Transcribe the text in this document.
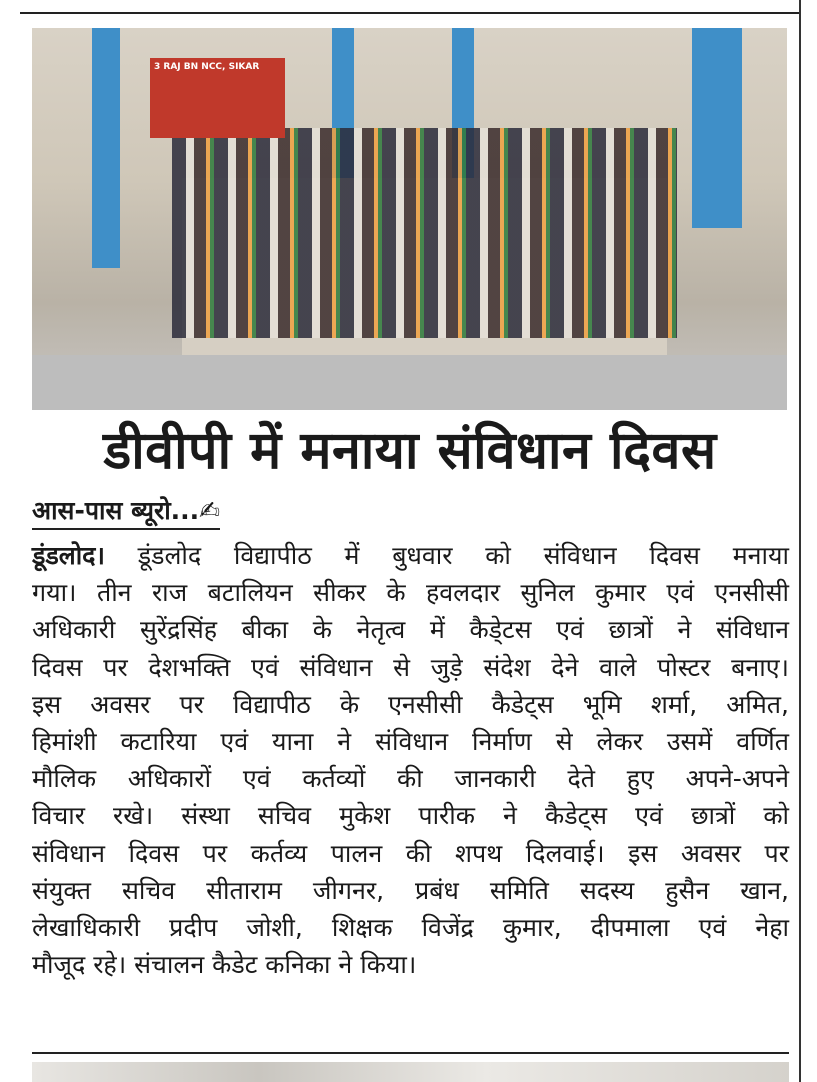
3 RAJ BN NCC, SIKAR
डीवीपी में मनाया संविधान दिवस
आस-पास ब्यूरो...✍
डूंडलोद। डूंडलोद विद्यापीठ में बुधवार को संविधान दिवस मनाया
गया। तीन राज बटालियन सीकर के हवलदार सुनिल कुमार एवं एनसीसी
अधिकारी सुरेंद्रसिंह बीका के नेतृत्व में कैडे्टस एवं छात्रों ने संविधान
दिवस पर देशभक्ति एवं संविधान से जुड़े संदेश देने वाले पोस्टर बनाए।
इस अवसर पर विद्यापीठ के एनसीसी कैडेट्स भूमि शर्मा, अमित,
हिमांशी कटारिया एवं याना ने संविधान निर्माण से लेकर उसमें वर्णित
मौलिक अधिकारों एवं कर्तव्यों की जानकारी देते हुए अपने-अपने
विचार रखे। संस्था सचिव मुकेश पारीक ने कैडेट्स एवं छात्रों को
संविधान दिवस पर कर्तव्य पालन की शपथ दिलवाई। इस अवसर पर
संयुक्त सचिव सीताराम जीगनर, प्रबंध समिति सदस्य हुसैन खान,
लेखाधिकारी प्रदीप जोशी, शिक्षक विजेंद्र कुमार, दीपमाला एवं नेहा
मौजूद रहे। संचालन कैडेट कनिका ने किया।
